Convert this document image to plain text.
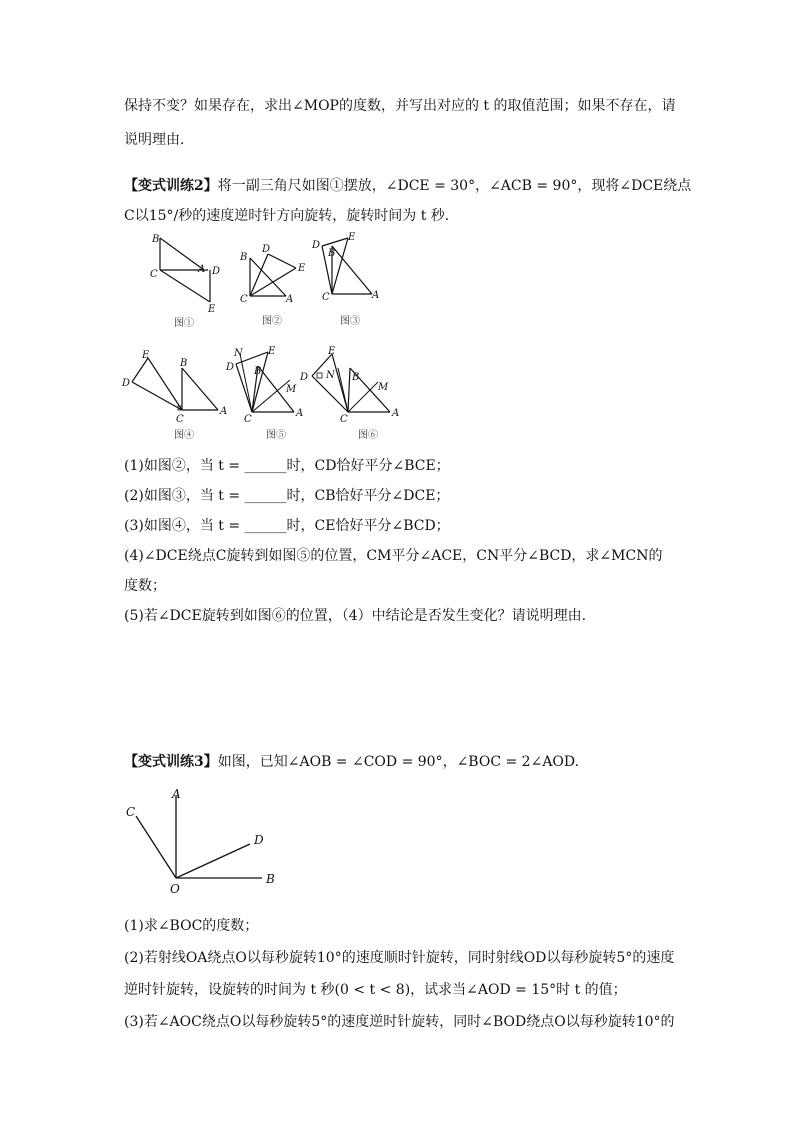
保持不变？如果存在，求出∠MOP的度数，并写出对应的 t 的取值范围；如果不存在，请
说明理由.
【变式训练2】将一副三角尺如图①摆放，∠DCE = 30°，∠ACB = 90°，现将∠DCE绕点
C以15°/秒的速度逆时针方向旋转，旋转时间为 t 秒.
B
C	A D
E
图①
B
D
E
C	A
图②
D
E
B
C	A
图③
E
D
B
C
A
图④
N
D
E
B
M
C
A
图⑤
E
D N B
M
C
A
图⑥
(1)如图②，当 t = ______时，CD恰好平分∠BCE；
(2)如图③，当 t = ______时，CB恰好平分∠DCE；
(3)如图④，当 t = ______时，CE恰好平分∠BCD；
(4)∠DCE绕点C旋转到如图⑤的位置，CM平分∠ACE，CN平分∠BCD，求∠MCN的
度数；
(5)若∠DCE旋转到如图⑥的位置，（4）中结论是否发生变化？请说明理由.
【变式训练3】如图，已知∠AOB = ∠COD = 90°，∠BOC = 2∠AOD.
C
A
D
O
B
(1)求∠BOC的度数；
(2)若射线OA绕点O以每秒旋转10°的速度顺时针旋转，同时射线OD以每秒旋转5°的速度
逆时针旋转，设旋转的时间为 t 秒(0 < t < 8)，试求当∠AOD = 15°时 t 的值；
(3)若∠AOC绕点O以每秒旋转5°的速度逆时针旋转，同时∠BOD绕点O以每秒旋转10°的
